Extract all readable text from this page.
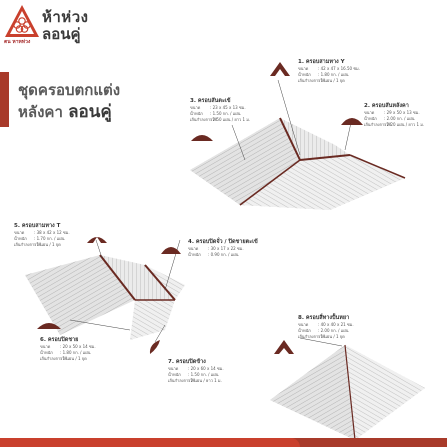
ห้าห่วง
ลอนคู่
ตน หาหห่วง
ชุดครอบตกแต่ง
หลังคา ลอนคู่
1. ครอบสามทาง Y
ขนาด : 42 x 47 x 16.50 ซม.
น้ำหนัก : 1.80 กก. / แผ่น
เส้นกำลงการใช้: 1 แผ่น / 1 จุด
2. ครอบสันหลังคา
ขนาด : 29 x 50 x 13 ซม.
น้ำหนัก : 2.00 กก. / แผ่น
เส้นกำลงการใช้: 2.20 แผ่น / ยาว 1 ม.
3. ครอบสันตะเข้
ขนาด : 23 x 45 x 13 ซม.
น้ำหนัก : 1.50 กก. / แผ่น
เส้นกำลงการใช้: 2.50 แผ่น / ยาว 1 ม.
4. ครอบปิดจั่ว / ปิดชายตะเข้
ขนาด : 30 x 17 x 22 ซม.
น้ำหนัก : 0.90 กก. / แผ่น
5. ครอบสามทาง T
ขนาด : 38 x 42 x 12 ซม.
น้ำหนัก : 1.70 กก. / แผ่น
เส้นกำลงการใช้: 1 แผ่น / 1 จุด
6. ครอบปิดชาย
ขนาด : 20 x 50 x 14 ซม.
น้ำหนัก : 1.80 กก. / แผ่น
เส้นกำลงการใช้: 1 แผ่น / 1 จุด
7. ครอบปิดข้าง
ขนาด : 20 x 60 x 14 ซม.
น้ำหนัก : 1.50 กก. / แผ่น
เส้นกำลงการใช้: 2 แผ่น / ยาว 1 ม.
8. ครอบสี่ทางปั้นหยา
ขนาด : 40 x 40 x 21 ซม.
น้ำหนัก : 2.00 กก. / แผ่น
เส้นกำลงการใช้: 1 แผ่น / 1 จุด
